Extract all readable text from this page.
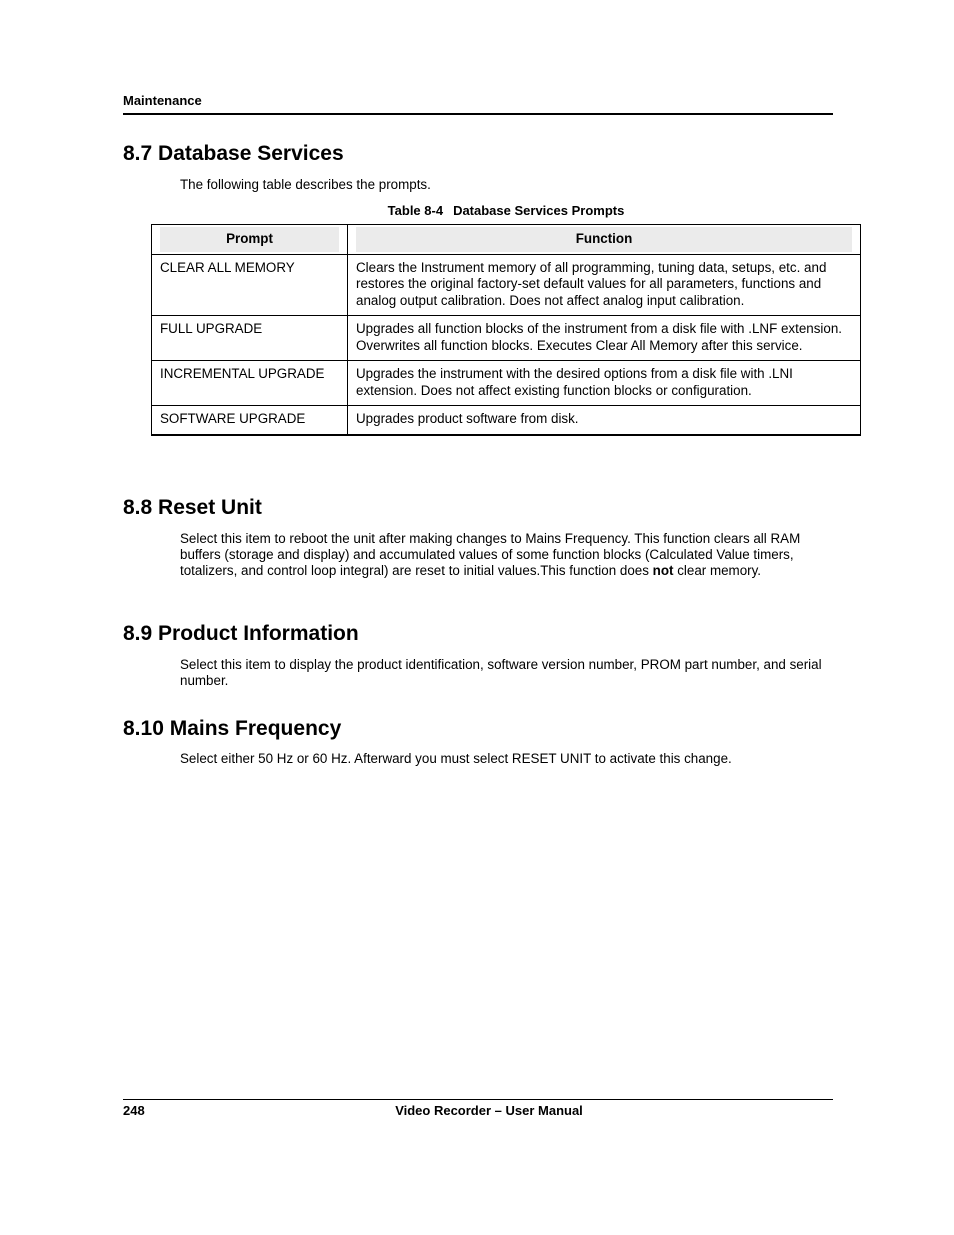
Maintenance
8.7 Database Services

The following table describes the prompts.

Table 8-4 Database Services Prompts
Prompt	Function

CLEAR ALL MEMORY	Clears the Instrument memory of all programming, tuning data, setups, etc. and restores the original factory-set default values for all parameters, functions and analog output calibration. Does not affect analog input calibration.
FULL UPGRADE	Upgrades all function blocks of the instrument from a disk file with .LNF extension. Overwrites all function blocks. Executes Clear All Memory after this service.
INCREMENTAL UPGRADE	Upgrades the instrument with the desired options from a disk file with .LNI extension. Does not affect existing function blocks or configuration.
SOFTWARE UPGRADE	Upgrades product software from disk.
8.8 Reset Unit

Select this item to reboot the unit after making changes to Mains Frequency. This function clears all RAM buffers (storage and display) and accumulated values of some function blocks (Calculated Value timers, totalizers, and control loop integral) are reset to initial values.This function does not clear memory.

8.9 Product Information

Select this item to display the product identification, software version number, PROM part number, and serial number.

8.10 Mains Frequency

Select either 50 Hz or 60 Hz. Afterward you must select RESET UNIT to activate this change.

248	Video Recorder – User Manual
